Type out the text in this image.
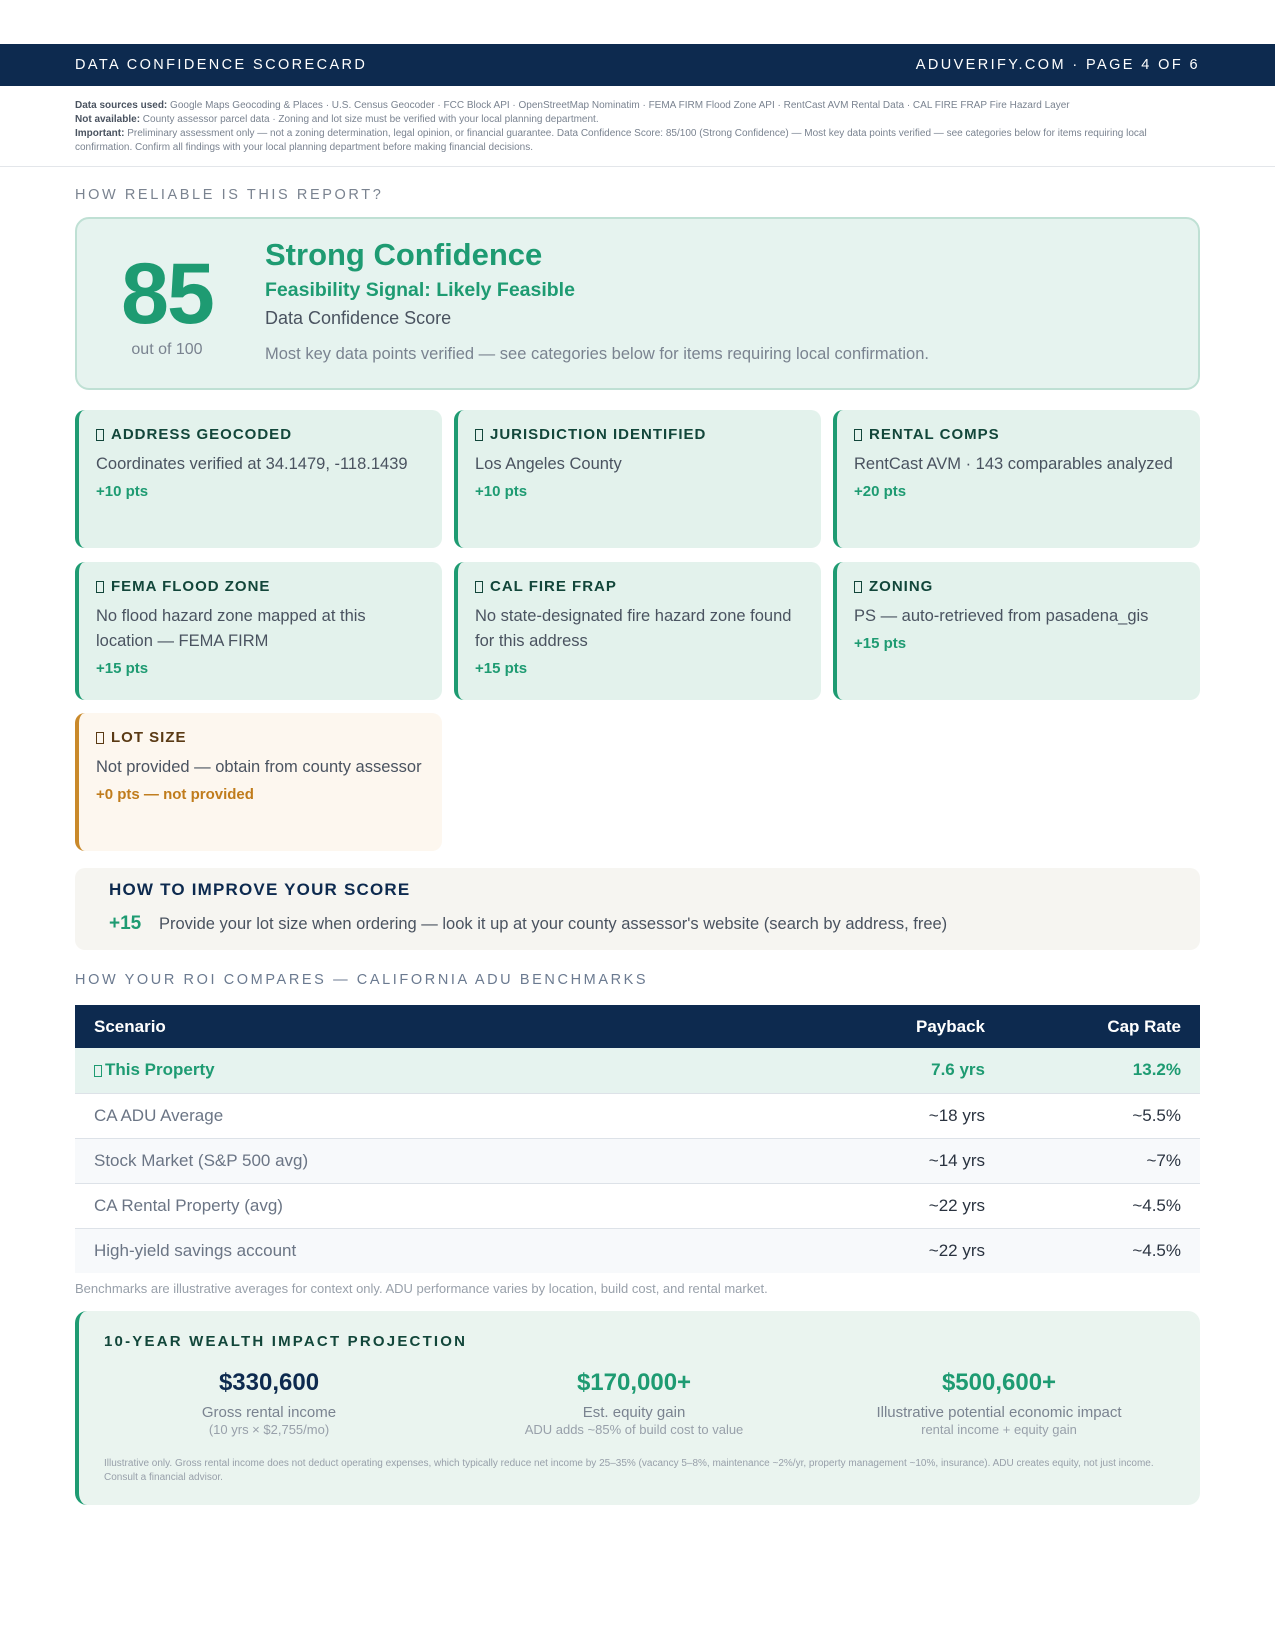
DATA CONFIDENCE SCORECARD	ADUVERIFY.COM · PAGE 4 OF 6
Data sources used: Google Maps Geocoding & Places · U.S. Census Geocoder · FCC Block API · OpenStreetMap Nominatim · FEMA FIRM Flood Zone API · RentCast AVM Rental Data · CAL FIRE FRAP Fire Hazard Layer
Not available: County assessor parcel data · Zoning and lot size must be verified with your local planning department.
Important: Preliminary assessment only — not a zoning determination, legal opinion, or financial guarantee. Data Confidence Score: 85/100 (Strong Confidence) — Most key data points verified — see categories below for items requiring local confirmation. Confirm all findings with your local planning department before making financial decisions.
HOW RELIABLE IS THIS REPORT?
85
out of 100
Strong Confidence
Feasibility Signal: Likely Feasible
Data Confidence Score
Most key data points verified — see categories below for items requiring local confirmation.
ADDRESS GEOCODED
Coordinates verified at 34.1479, -118.1439
+10 pts
JURISDICTION IDENTIFIED
Los Angeles County
+10 pts
RENTAL COMPS
RentCast AVM · 143 comparables analyzed
+20 pts
FEMA FLOOD ZONE
No flood hazard zone mapped at this location — FEMA FIRM
+15 pts
CAL FIRE FRAP
No state-designated fire hazard zone found for this address
+15 pts
ZONING
PS — auto-retrieved from pasadena_gis
+15 pts
LOT SIZE
Not provided — obtain from county assessor
+0 pts — not provided
HOW TO IMPROVE YOUR SCORE
+15 Provide your lot size when ordering — look it up at your county assessor's website (search by address, free)
HOW YOUR ROI COMPARES — CALIFORNIA ADU BENCHMARKS
Scenario	Payback	Cap Rate
This Property	7.6 yrs	13.2%
CA ADU Average	~18 yrs	~5.5%
Stock Market (S&P 500 avg)	~14 yrs	~7%
CA Rental Property (avg)	~22 yrs	~4.5%
High-yield savings account	~22 yrs	~4.5%
Benchmarks are illustrative averages for context only. ADU performance varies by location, build cost, and rental market.
10-YEAR WEALTH IMPACT PROJECTION
$330,600
Gross rental income
(10 yrs × $2,755/mo)
$170,000+
Est. equity gain
ADU adds ~85% of build cost to value
$500,600+
Illustrative potential economic impact
rental income + equity gain
Illustrative only. Gross rental income does not deduct operating expenses, which typically reduce net income by 25–35% (vacancy 5–8%, maintenance ~2%/yr, property management ~10%, insurance). ADU creates equity, not just income. Consult a financial advisor.
